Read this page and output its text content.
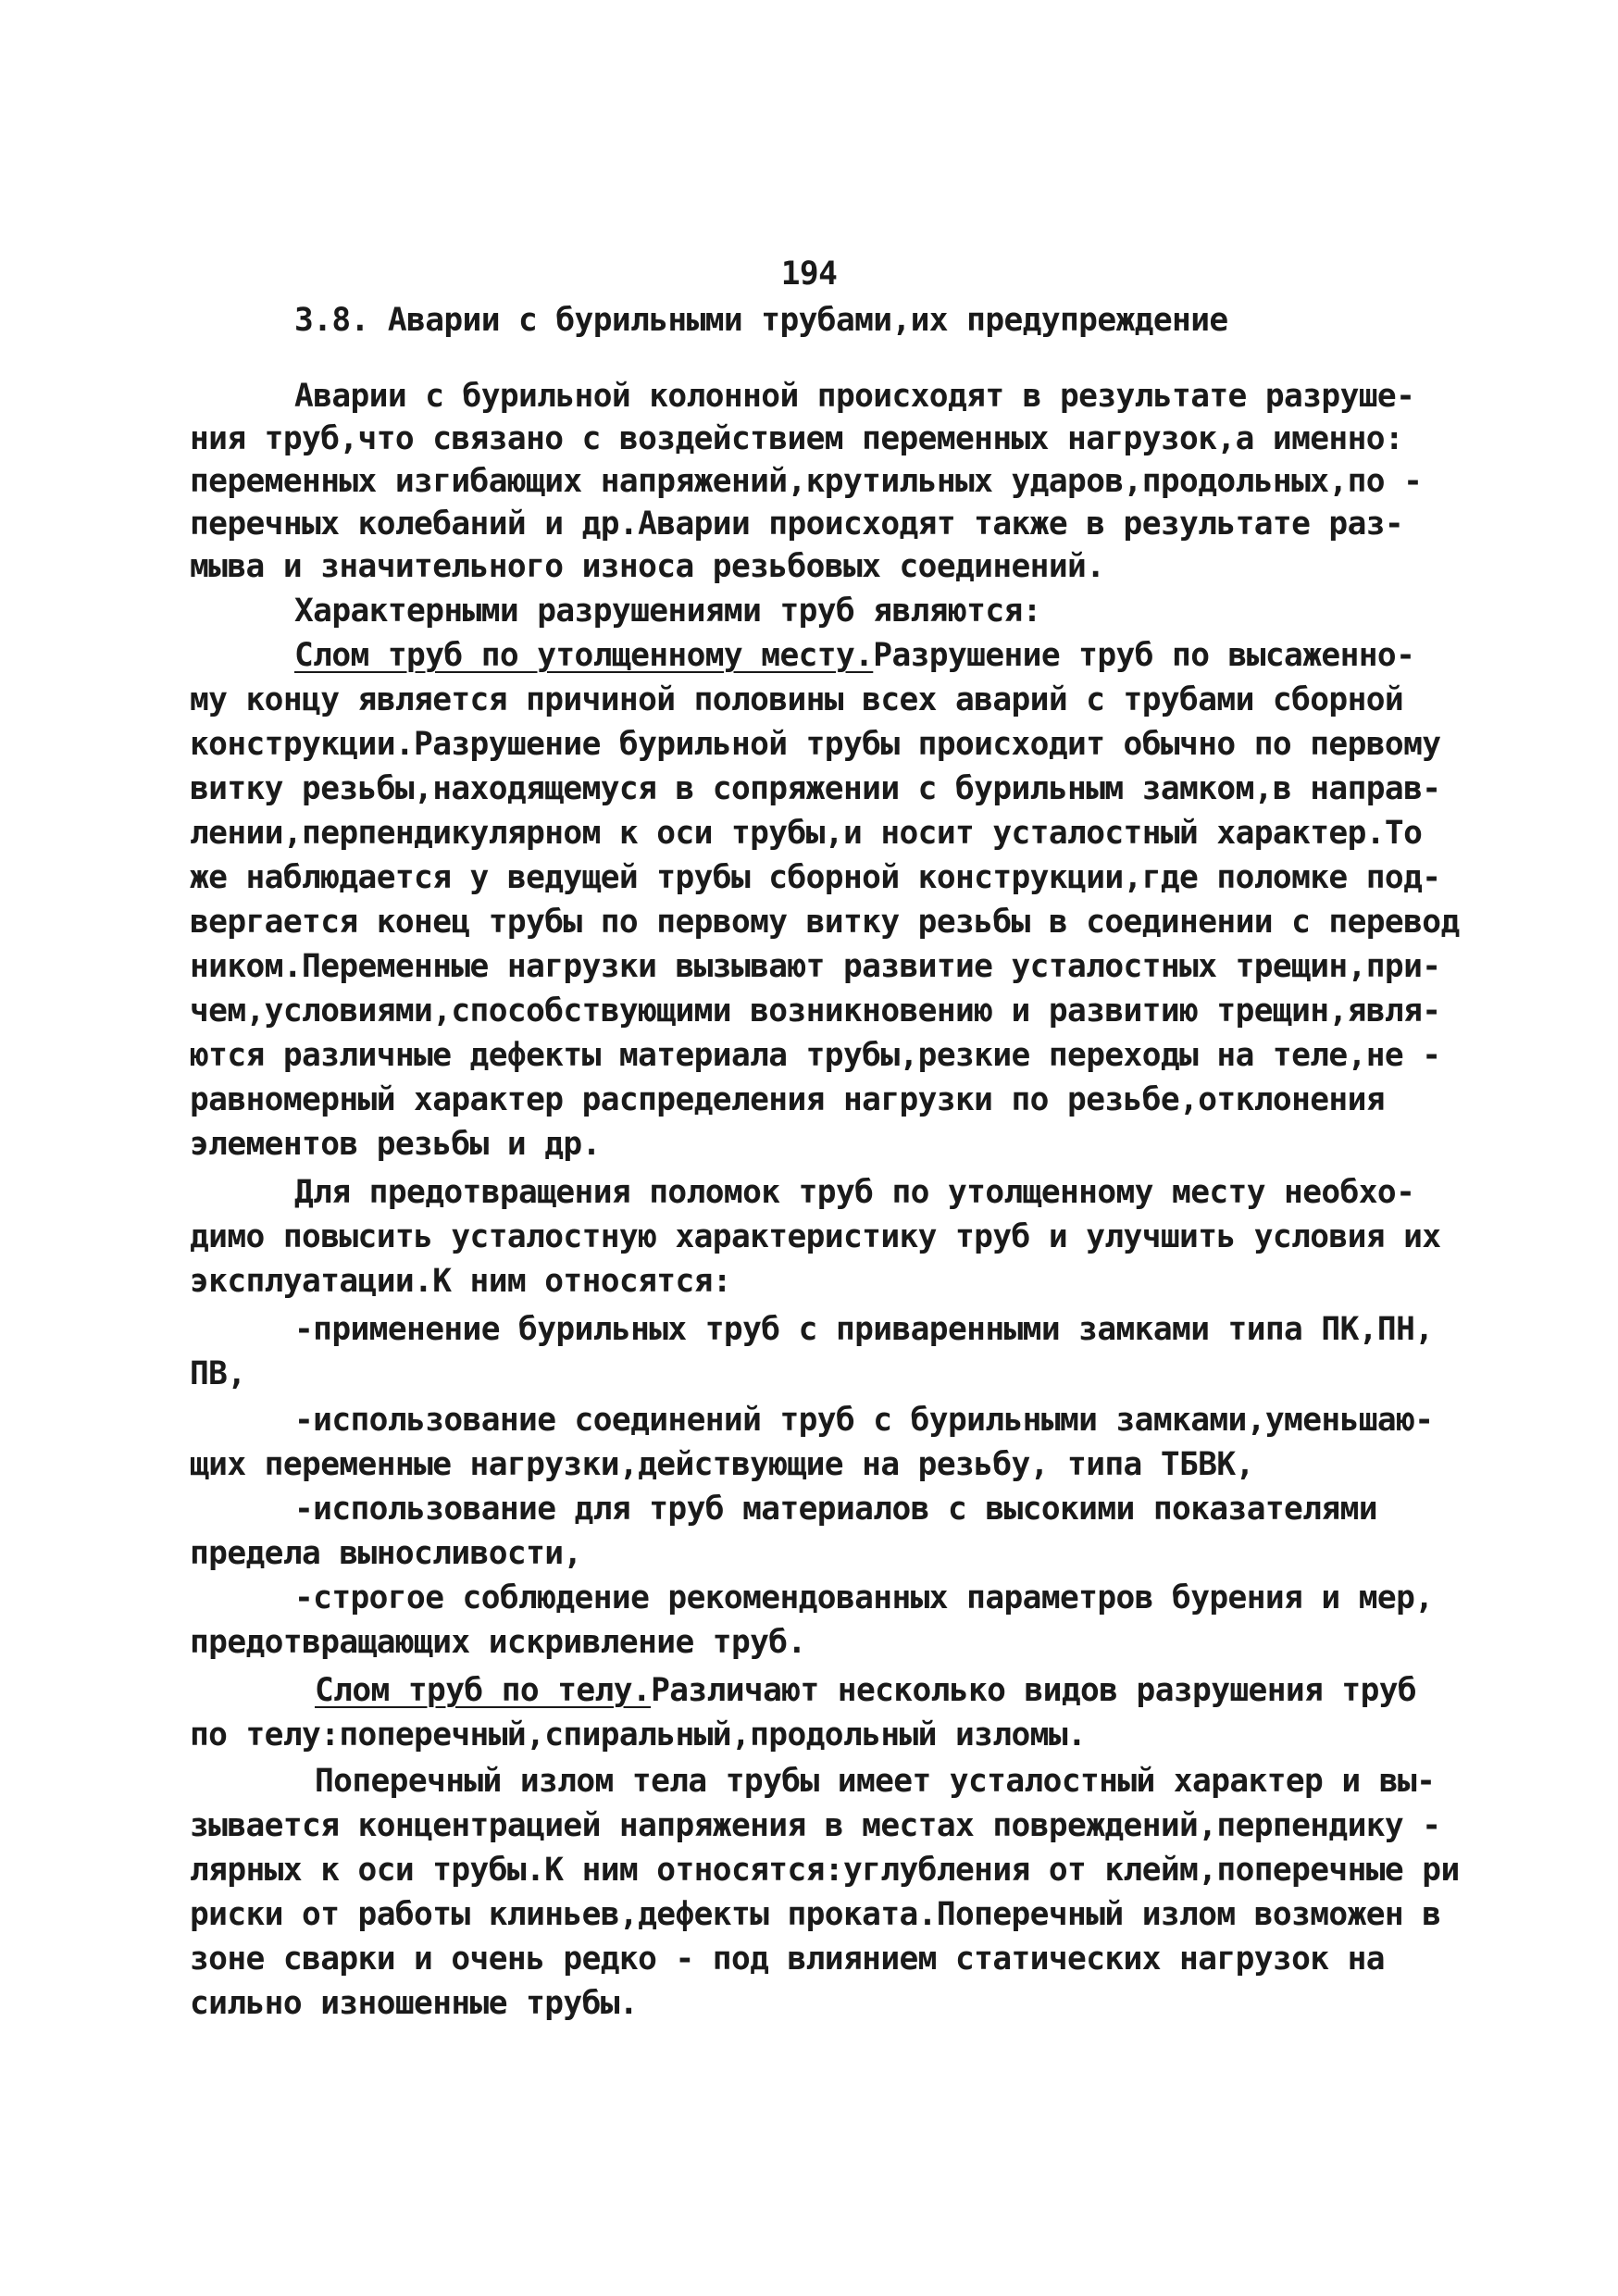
194
3.8. Аварии с бурильными трубами,их предупреждение
Аварии с бурильной колонной происходят в результате разрушe-
ния труб,что связано с воздействием переменных нагрузок,а именно:
переменных изгибающих напряжений,крутильных ударов,продольных,по -
перечных колебаний и др.Аварии происходят также в результате раз-
мыва и значительного износа резьбовых соединений.
Характерными разрушениями труб являются:
Слом труб по утолщенному месту.Разрушение труб по высаженно-
му концу является причиной половины всех аварий с трубами сборной
конструкции.Разрушение бурильной трубы происходит обычно по первому
витку резьбы,находящемуся в сопряжении с бурильным замком,в направ-
лении,перпендикулярном к оси трубы,и носит усталостный характер.То
же наблюдается у ведущей трубы сборной конструкции,где поломке под-
вергается конец трубы по первому витку резьбы в соединении с перевод
ником.Переменные нагрузки вызывают развитие усталостных трещин,при-
чем,условиями,способствующими возникновению и развитию трещин,явля-
ются различные дефекты материала трубы,резкие переходы на теле,не -
равномерный характер распределения нагрузки по резьбе,отклонения
элементов резьбы и др.
Для предотвращения поломок труб по утолщенному месту необхо-
димо повысить усталостную характеристику труб и улучшить условия их
эксплуатации.К ним относятся:
-применение бурильных труб с приваренными замками типа ПК,ПН,
ПВ,
-использование соединений труб с бурильными замками,уменьшаю-
щих переменные нагрузки,действующие на резьбу, типа ТБВК,
-использование для труб материалов с высокими показателями
предела выносливости,
-строгое соблюдение рекомендованных параметров бурения и мер,
предотвращающих искривление труб.
Слом труб по телу.Различают несколько видов разрушения труб
по телу:поперечный,спиральный,продольный изломы.
Поперечный излом тела трубы имеет усталостный характер и вы-
зывается концентрацией напряжения в местах повреждений,перпендику -
лярных к оси трубы.К ним относятся:углубления от клейм,поперечные ри
риски от работы клиньев,дефекты проката.Поперечный излом возможен в
зоне сварки и очень редко - под влиянием статических нагрузок на
сильно изношенные трубы.
